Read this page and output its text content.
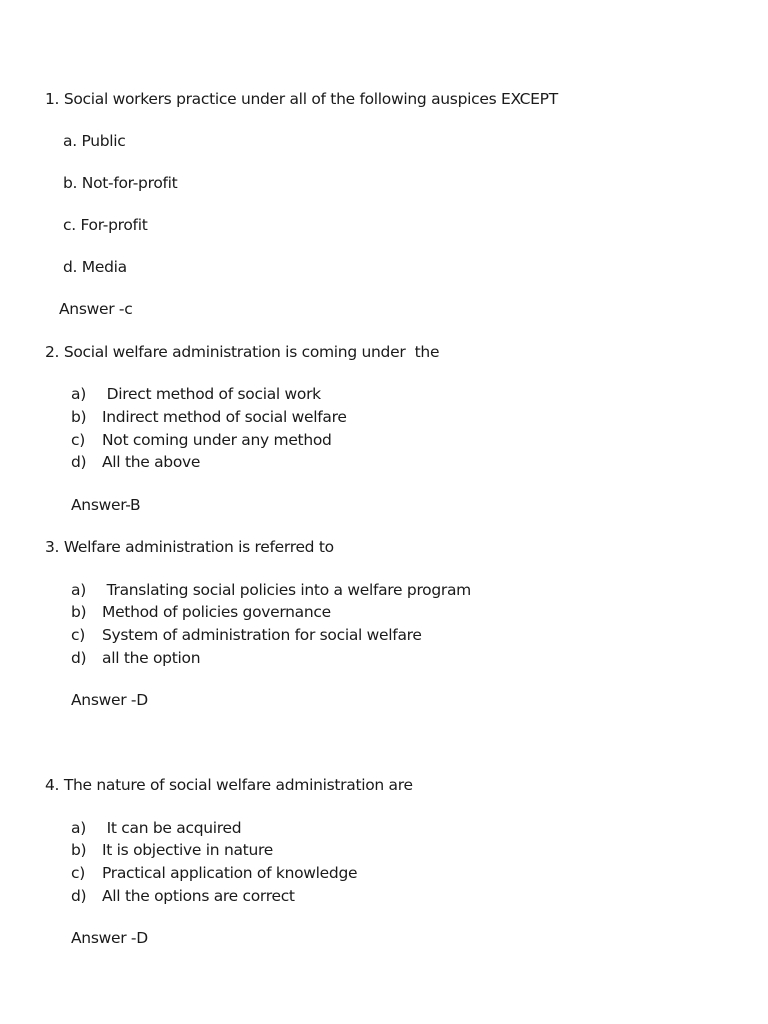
1. Social workers practice under all of the following auspices EXCEPT
a. Public
b. Not-for-profit
c. For-profit
d. Media
Answer -c
2. Social welfare administration is coming under  the
a) Direct method of social work
b) Indirect method of social welfare
c) Not coming under any method
d) All the above
Answer-B
3. Welfare administration is referred to
a) Translating social policies into a welfare program
b) Method of policies governance
c) System of administration for social welfare
d) all the option
Answer -D
4. The nature of social welfare administration are
a) It can be acquired
b) It is objective in nature
c) Practical application of knowledge
d) All the options are correct
Answer -D
